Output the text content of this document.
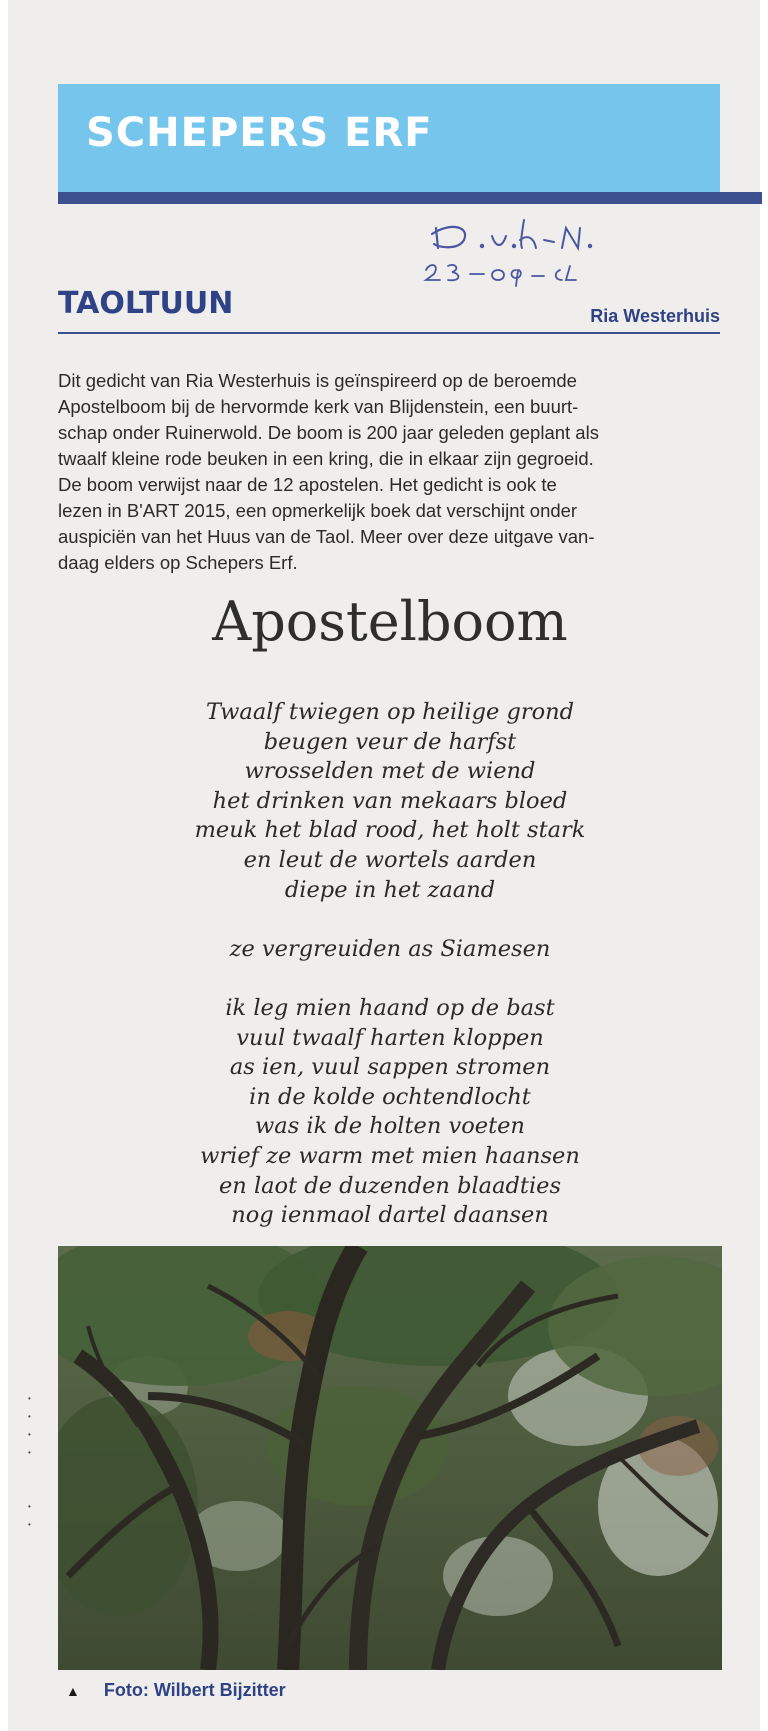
SCHEPERS ERF
TAOLTUUN	Ria Westerhuis

Dit gedicht van Ria Westerhuis is geïnspireerd op de beroemde

Apostelboom bij de hervormde kerk van Blijdenstein, een buurt-

schap onder Ruinerwold. De boom is 200 jaar geleden geplant als

twaalf kleine rode beuken in een kring, die in elkaar zijn gegroeid.

De boom verwijst naar de 12 apostelen. Het gedicht is ook te

lezen in B'ART 2015, een opmerkelijk boek dat verschijnt onder

auspiciën van het Huus van de Taol. Meer over deze uitgave van-

daag elders op Schepers Erf.

Apostelboom
Twaalf twiegen op heilige grond
beugen veur de harfst
wrosselden met de wiend
het drinken van mekaars bloed
meuk het blad rood, het holt stark
en leut de wortels aarden
diepe in het zaand
ze vergreuiden as Siamesen
ik leg mien haand op de bast
vuul twaalf harten kloppen
as ien, vuul sappen stromen
in de kolde ochtendlocht
was ik de holten voeten
wrief ze warm met mien haansen
en laot de duzenden blaadties
nog ienmaol dartel daansen
▲ Foto: Wilbert Bijzitter
•
•
•
•

•
•
